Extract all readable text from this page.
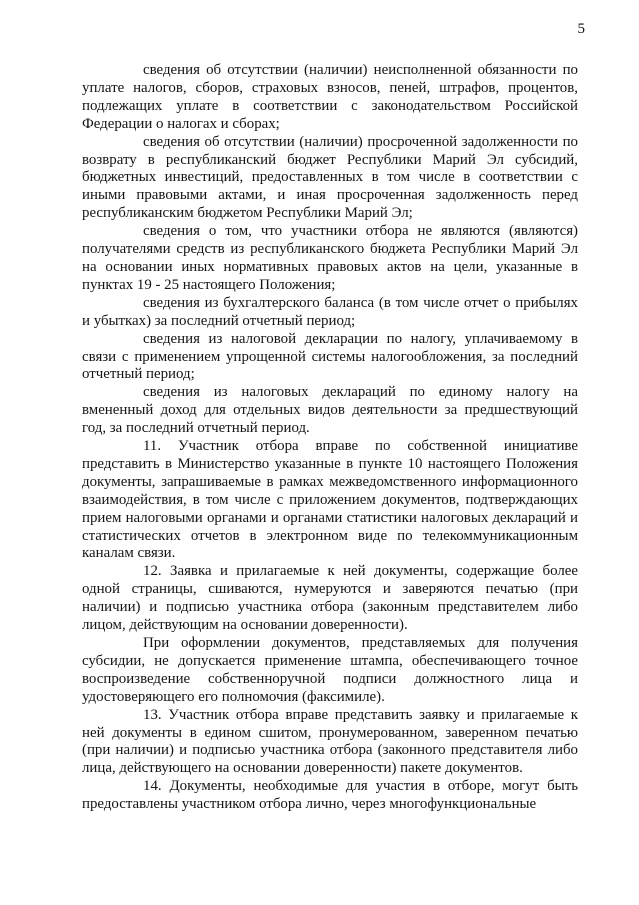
5

сведения об отсутствии (наличии) неисполненной обязанности по уплате налогов, сборов, страховых взносов, пеней, штрафов, процентов, подлежащих уплате в соответствии с законодательством Российской Федерации о налогах и сборах;

сведения об отсутствии (наличии) просроченной задолженности по возврату в республиканский бюджет Республики Марий Эл субсидий, бюджетных инвестиций, предоставленных в том числе в соответствии с иными правовыми актами, и иная просроченная задолженность перед республиканским бюджетом Республики Марий Эл;

сведения о том, что участники отбора не являются (являются) получателями средств из республиканского бюджета Республики Марий Эл на основании иных нормативных правовых актов на цели, указанные в пунктах 19 - 25 настоящего Положения;

сведения из бухгалтерского баланса (в том числе отчет о прибылях и убытках) за последний отчетный период;

сведения из налоговой декларации по налогу, уплачиваемому в связи с применением упрощенной системы налогообложения, за последний отчетный период;

сведения из налоговых деклараций по единому налогу на вмененный доход для отдельных видов деятельности за предшествующий год, за последний отчетный период.

11. Участник отбора вправе по собственной инициативе представить в Министерство указанные в пункте 10 настоящего Положения документы, запрашиваемые в рамках межведомственного информационного взаимодействия, в том числе с приложением документов, подтверждающих прием налоговыми органами и органами статистики налоговых деклараций и статистических отчетов в электронном виде по телекоммуникационным каналам связи.

12. Заявка и прилагаемые к ней документы, содержащие более одной страницы, сшиваются, нумеруются и заверяются печатью (при наличии) и подписью участника отбора (законным представителем либо лицом, действующим на основании доверенности).

При оформлении документов, представляемых для получения субсидии, не допускается применение штампа, обеспечивающего точное воспроизведение собственноручной подписи должностного лица и удостоверяющего его полномочия (факсимиле).

13. Участник отбора вправе представить заявку и прилагаемые к ней документы в едином сшитом, пронумерованном, заверенном печатью (при наличии) и подписью участника отбора (законного представителя либо лица, действующего на основании доверенности) пакете документов.

14. Документы, необходимые для участия в отборе, могут быть предоставлены участником отбора лично, через многофункциональные
